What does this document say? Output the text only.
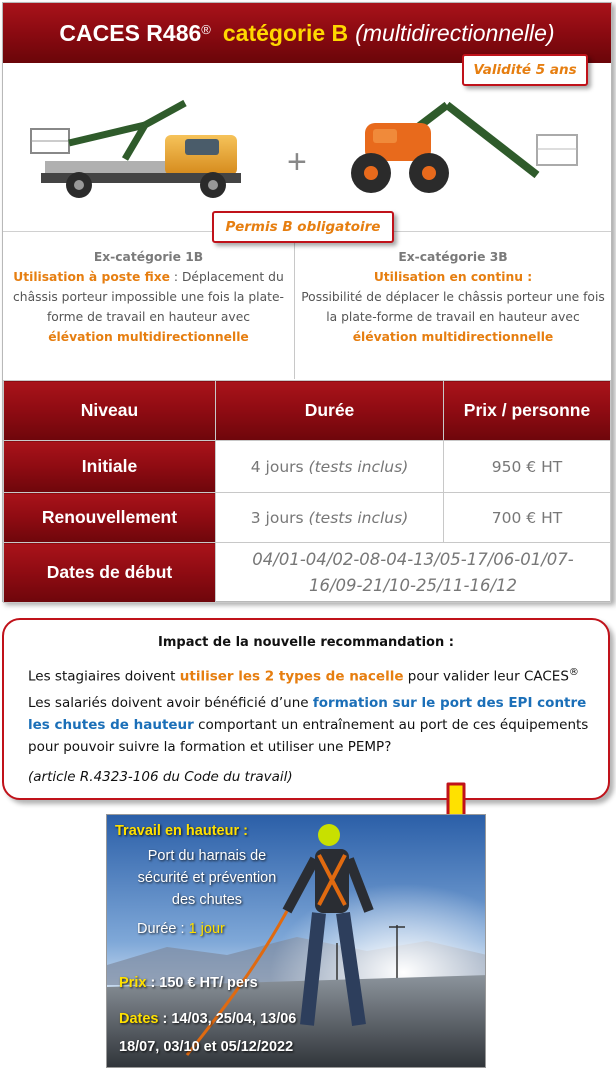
CACES R486® catégorie B (multidirectionnelle)
+
Ex-catégorie 1B
Utilisation à poste fixe : Déplacement du châssis porteur impossible une fois la plate-forme de travail en hauteur avec
élévation multidirectionnelle
Ex-catégorie 3B
Utilisation en continu :
Possibilité de déplacer le châssis porteur une fois la plate-forme de travail en hauteur avec
élévation multidirectionnelle
Niveau	Durée	Prix / personne
Initiale	4 jours (tests inclus)	950 € HT
Renouvellement	3 jours (tests inclus)	700 € HT
Dates de début	04/01-04/02-08-04-13/05-17/06-01/07-
16/09-21/10-25/11-16/12	
Validité 5 ans
Permis B obligatoire
Impact de la nouvelle recommandation :

Les stagiaires doivent utiliser les 2 types de nacelle pour valider leur CACES®

Les salariés doivent avoir bénéficié d’une formation sur le port des EPI contre les chutes de hauteur comportant un entraînement au port de ces équipements pour pouvoir suivre la formation et utiliser une PEMP?

(article R.4323-106 du Code du travail)

Travail en hauteur :
Port du harnais de
sécurité et prévention
des chutes
Durée : 1 jour
Prix : 150 € HT/ pers
Dates : 14/03, 25/04, 13/06
18/07, 03/10 et 05/12/2022
